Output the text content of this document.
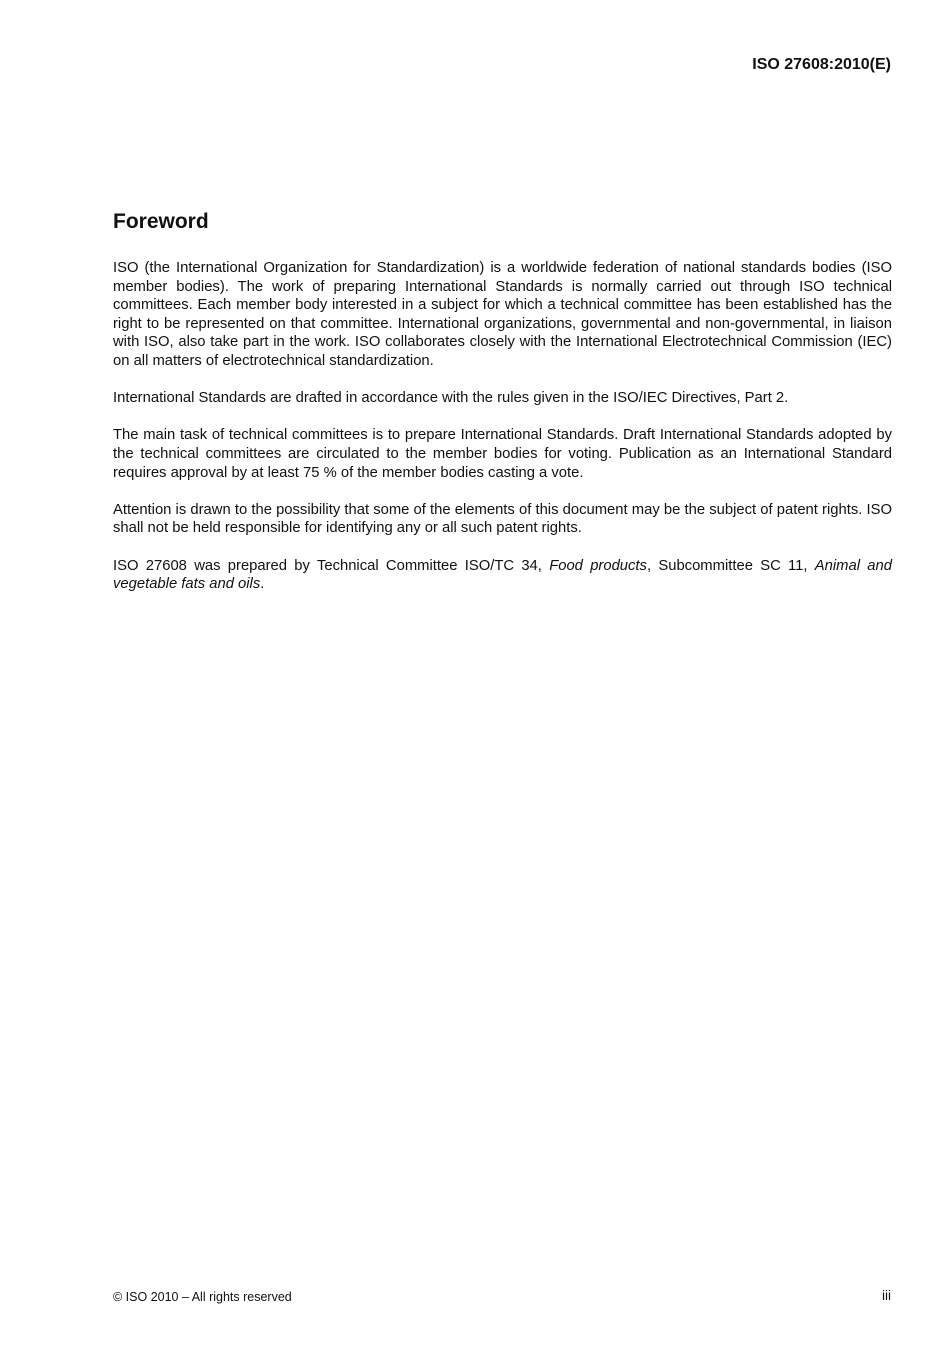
ISO 27608:2010(E)
Foreword

ISO (the International Organization for Standardization) is a worldwide federation of national standards bodies (ISO member bodies). The work of preparing International Standards is normally carried out through ISO technical committees. Each member body interested in a subject for which a technical committee has been established has the right to be represented on that committee. International organizations, governmental and non-governmental, in liaison with ISO, also take part in the work. ISO collaborates closely with the International Electrotechnical Commission (IEC) on all matters of electrotechnical standardization.

International Standards are drafted in accordance with the rules given in the ISO/IEC Directives, Part 2.

The main task of technical committees is to prepare International Standards. Draft International Standards adopted by the technical committees are circulated to the member bodies for voting. Publication as an International Standard requires approval by at least 75 % of the member bodies casting a vote.

Attention is drawn to the possibility that some of the elements of this document may be the subject of patent rights. ISO shall not be held responsible for identifying any or all such patent rights.

ISO 27608 was prepared by Technical Committee ISO/TC 34, Food products, Subcommittee SC 11, Animal and vegetable fats and oils.

© ISO 2010 – All rights reserved	iii
